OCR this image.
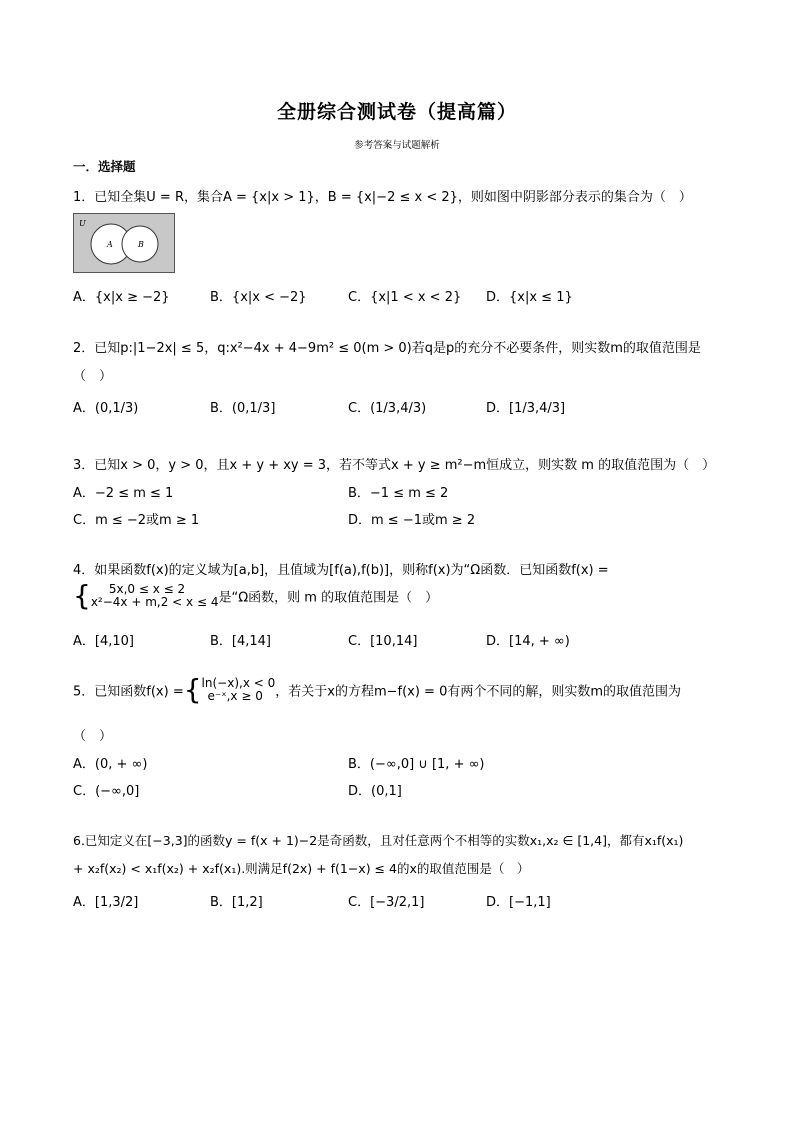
全册综合测试卷（提高篇）
参考答案与试题解析
一．选择题
1．已知全集U = R，集合A = {x|x > 1}，B = {x|−2 ≤ x < 2}，则如图中阴影部分表示的集合为（　）
U
A	B
A．{x|x ≥ −2}	B．{x|x < −2}	C．{x|1 < x < 2} D．{x|x ≤ 1}
2．已知p:|1−2x| ≤ 5，q:x²−4x + 4−9m² ≤ 0(m > 0)若q是p的充分不必要条件，则实数m的取值范围是
（　）
A．(0,1/3)	B．(0,1/3]	C．(1/3,4/3)	D．[1/3,4/3]
3．已知x > 0，y > 0，且x + y + xy = 3，若不等式x + y ≥ m²−m恒成立，则实数 m 的取值范围为（　）
A．−2 ≤ m ≤ 1	B．−1 ≤ m ≤ 2
C．m ≤ −2或m ≥ 1	D．m ≤ −1或m ≥ 2
4．如果函数f(x)的定义域为[a,b]，且值域为[f(a),f(b)]，则称f(x)为“Ω函数．已知函数f(x) =
{	5x,0 ≤ x ≤ 2
x²−4x + m,2 < x ≤ 4 是“Ω函数，则 m 的取值范围是（　）
A．[4,10]	B．[4,14]	C．[10,14]	D．[14, + ∞)
5．已知函数f(x) ={ ln(−x),x < 0
e⁻ˣ,x ≥ 0 ，若关于x的方程m−f(x) = 0有两个不同的解，则实数m的取值范围为
（　）
A．(0, + ∞)	B．(−∞,0] ∪ [1, + ∞)
C．(−∞,0]	D．(0,1]
6.已知定义在[−3,3]的函数y = f(x + 1)−2是奇函数，且对任意两个不相等的实数x₁,x₂ ∈ [1,4]，都有x₁f(x₁)
+ x₂f(x₂) < x₁f(x₂) + x₂f(x₁).则满足f(2x) + f(1−x) ≤ 4的x的取值范围是（　）
A．[1,3/2]	B．[1,2]	C．[−3/2,1]	D．[−1,1]
